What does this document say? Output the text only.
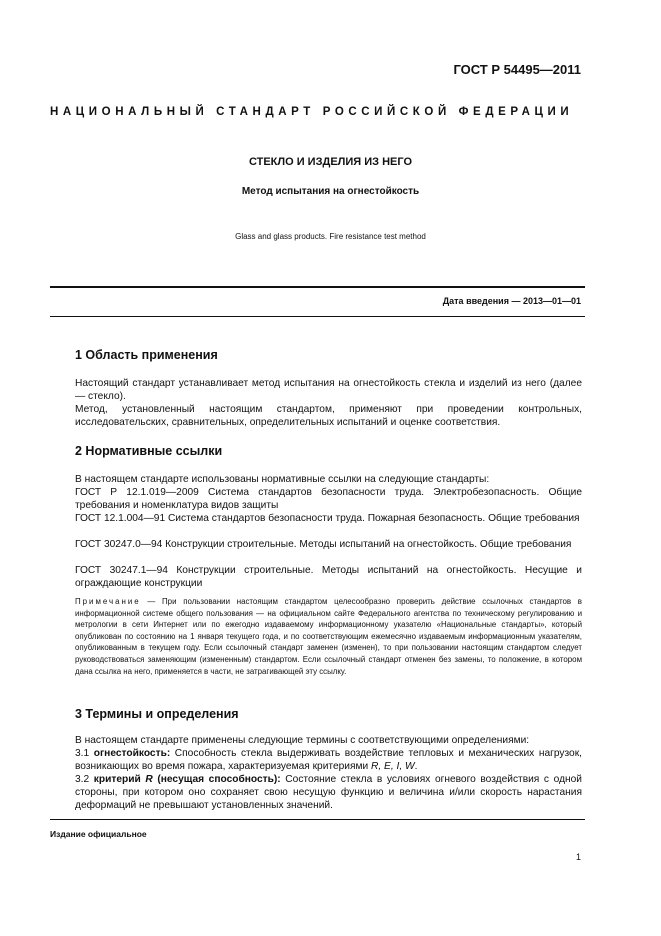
ГОСТ Р 54495—2011
НАЦИОНАЛЬНЫЙ СТАНДАРТ РОССИЙСКОЙ ФЕДЕРАЦИИ
СТЕКЛО И ИЗДЕЛИЯ ИЗ НЕГО
Метод испытания на огнестойкость
Glass and glass products. Fire resistance test method
Дата введения — 2013—01—01
1 Область применения
Настоящий стандарт устанавливает метод испытания на огнестойкость стекла и изделий из него (далее — стекло).
Метод, установленный настоящим стандартом, применяют при проведении контрольных, исследовательских, сравнительных, определительных испытаний и оценке соответствия.
2 Нормативные ссылки
В настоящем стандарте использованы нормативные ссылки на следующие стандарты:
ГОСТ Р 12.1.019—2009 Система стандартов безопасности труда. Электробезопасность. Общие требования и номенклатура видов защиты
ГОСТ 12.1.004—91 Система стандартов безопасности труда. Пожарная безопасность. Общие требования
ГОСТ 30247.0—94 Конструкции строительные. Методы испытаний на огнестойкость. Общие требования
ГОСТ 30247.1—94 Конструкции строительные. Методы испытаний на огнестойкость. Несущие и ограждающие конструкции
Примечание — При пользовании настоящим стандартом целесообразно проверить действие ссылочных стандартов в информационной системе общего пользования — на официальном сайте Федерального агентства по техническому регулированию и метрологии в сети Интернет или по ежегодно издаваемому информационному указателю «Национальные стандарты», который опубликован по состоянию на 1 января текущего года, и по соответствующим ежемесячно издаваемым информационным указателям, опубликованным в текущем году. Если ссылочный стандарт заменен (изменен), то при пользовании настоящим стандартом следует руководствоваться заменяющим (измененным) стандартом. Если ссылочный стандарт отменен без замены, то положение, в котором дана ссылка на него, применяется в части, не затрагивающей эту ссылку.
3 Термины и определения
В настоящем стандарте применены следующие термины с соответствующими определениями:
3.1 огнестойкость: Способность стекла выдерживать воздействие тепловых и механических нагрузок, возникающих во время пожара, характеризуемая критериями R, E, I, W.
3.2 критерий R (несущая способность): Состояние стекла в условиях огневого воздействия с одной стороны, при котором оно сохраняет свою несущую функцию и величина и/или скорость нарастания деформаций не превышают установленных значений.
Издание официальное
1
